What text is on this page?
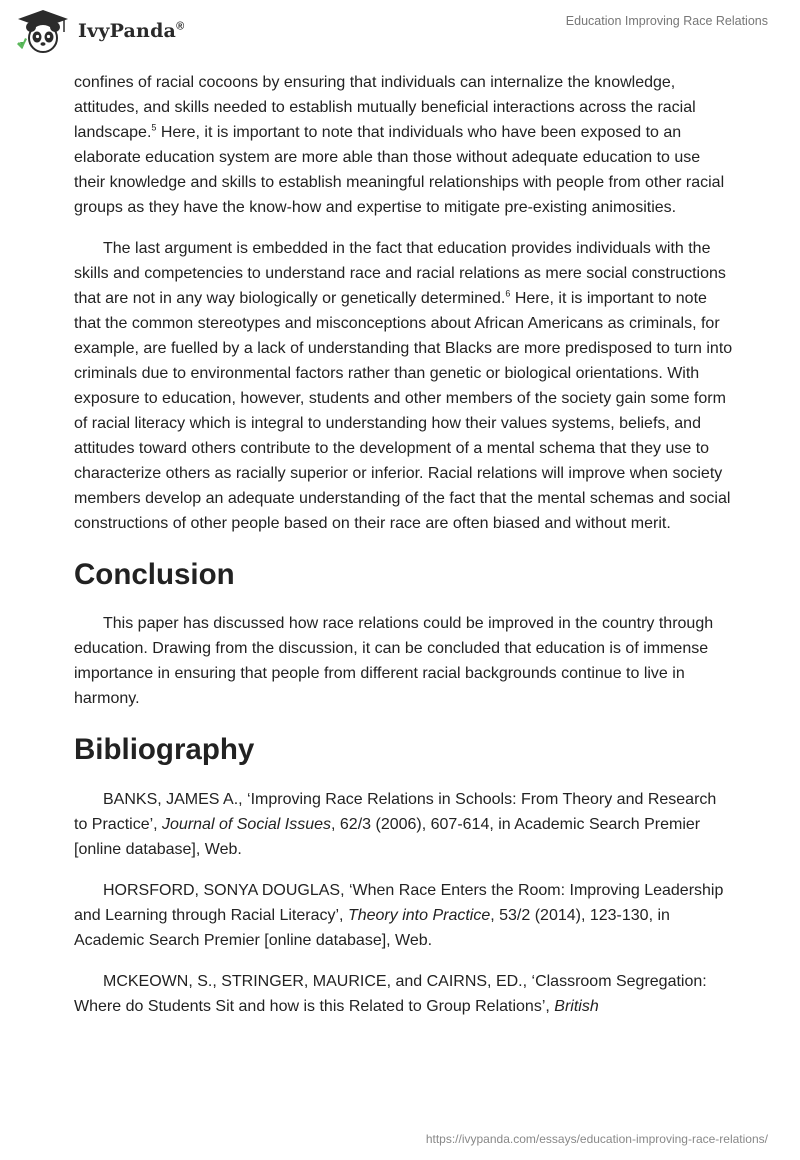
IvyPanda®	Education Improving Race Relations

confines of racial cocoons by ensuring that individuals can internalize the knowledge, attitudes, and skills needed to establish mutually beneficial interactions across the racial landscape.$^5$ Here, it is important to note that individuals who have been exposed to an elaborate education system are more able than those without adequate education to use their knowledge and skills to establish meaningful relationships with people from other racial groups as they have the know-how and expertise to mitigate pre-existing animosities.

The last argument is embedded in the fact that education provides individuals with the skills and competencies to understand race and racial relations as mere social constructions that are not in any way biologically or genetically determined.$^6$ Here, it is important to note that the common stereotypes and misconceptions about African Americans as criminals, for example, are fuelled by a lack of understanding that Blacks are more predisposed to turn into criminals due to environmental factors rather than genetic or biological orientations. With exposure to education, however, students and other members of the society gain some form of racial literacy which is integral to understanding how their values systems, beliefs, and attitudes toward others contribute to the development of a mental schema that they use to characterize others as racially superior or inferior. Racial relations will improve when society members develop an adequate understanding of the fact that the mental schemas and social constructions of other people based on their race are often biased and without merit.

Conclusion

This paper has discussed how race relations could be improved in the country through education. Drawing from the discussion, it can be concluded that education is of immense importance in ensuring that people from different racial backgrounds continue to live in harmony.

Bibliography

BANKS, JAMES A., ‘Improving Race Relations in Schools: From Theory and Research to Practice’, Journal of Social Issues, 62/3 (2006), 607-614, in Academic Search Premier [online database], Web.

HORSFORD, SONYA DOUGLAS, ‘When Race Enters the Room: Improving Leadership and Learning through Racial Literacy’, Theory into Practice, 53/2 (2014), 123-130, in Academic Search Premier [online database], Web.

MCKEOWN, S., STRINGER, MAURICE, and CAIRNS, ED., ‘Classroom Segregation: Where do Students Sit and how is this Related to Group Relations’, British

https://ivypanda.com/essays/education-improving-race-relations/
